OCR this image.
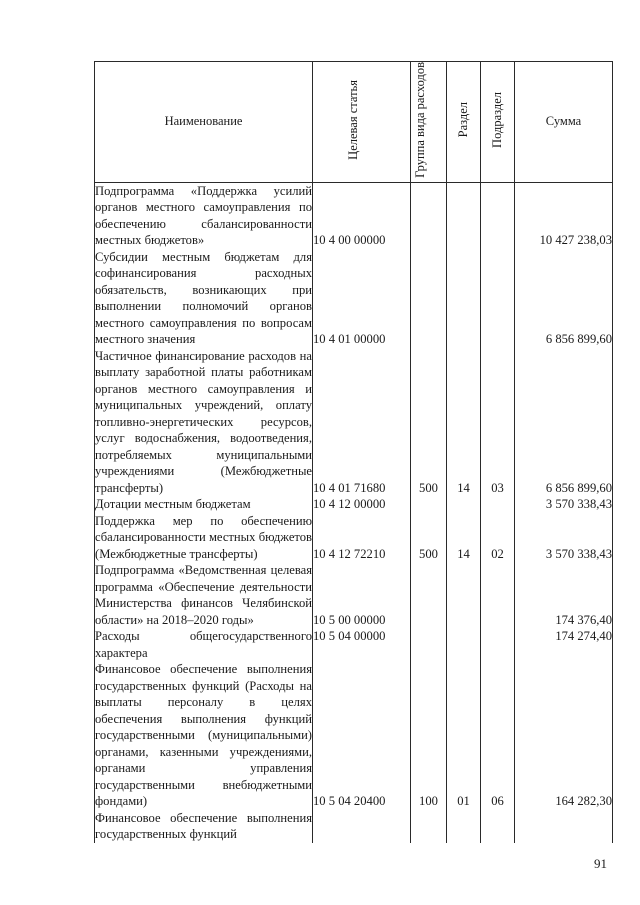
Наименование	Целевая статья	Группа вида расходов	Раздел	Подраздел	Сумма
Подпрограмма «Поддержка усилий органов местного самоуправления по обеспечению сбалансированности местных бюджетов»	10 4 00 00000				10 427 238,03
Субсидии местным бюджетам для софинансирования расходных обязательств, возникающих при выполнении полномочий органов местного самоуправления по вопросам местного значения	10 4 01 00000				6 856 899,60
Частичное финансирование расходов на выплату заработной платы работникам органов местного самоуправления и муниципальных учреждений, оплату топливно-энергетических ресурсов, услуг водоснабжения, водоотведения, потребляемых муниципальными учреждениями (Межбюджетные трансферты)	10 4 01 71680	500	14	03	6 856 899,60
Дотации местным бюджетам	10 4 12 00000				3 570 338,43
Поддержка мер по обеспечению сбалансированности местных бюджетов (Межбюджетные трансферты)	10 4 12 72210	500	14	02	3 570 338,43
Подпрограмма «Ведомственная целевая программа «Обеспечение деятельности Министерства финансов Челябинской области» на 2018–2020 годы»	10 5 00 00000				174 376,40
Расходы общегосударственного характера	10 5 04 00000				174 274,40
Финансовое обеспечение выполнения государственных функций (Расходы на выплаты персоналу в целях обеспечения выполнения функций государственными (муниципальными) органами, казенными учреждениями, органами управления государственными внебюджетными фондами)	10 5 04 20400	100	01	06	164 282,30
Финансовое обеспечение выполнения государственных функций					
91
